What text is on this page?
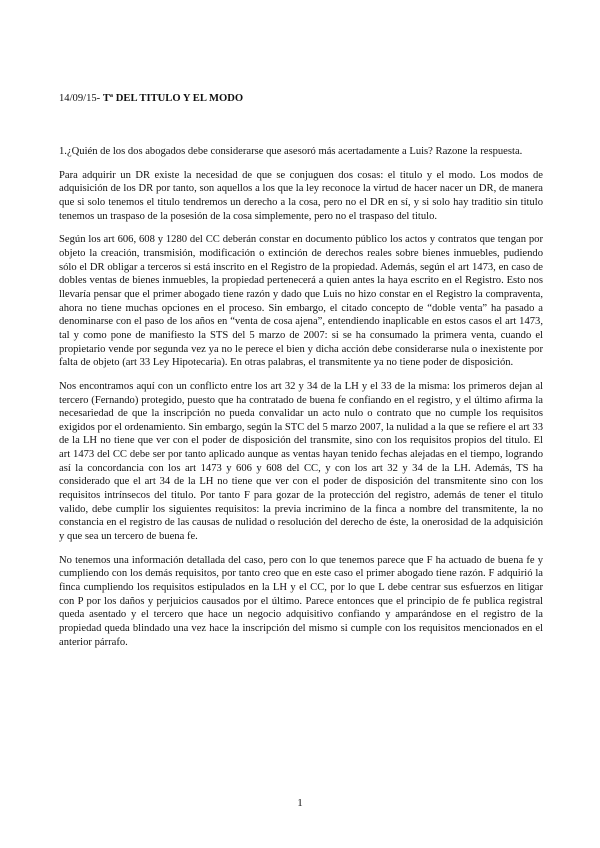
14/09/15- Tª DEL TITULO Y EL MODO

1.¿Quién de los dos abogados debe considerarse que asesoró más acertadamente a Luis? Razone la respuesta.

Para adquirir un DR existe la necesidad de que se conjuguen dos cosas: el titulo y el modo. Los modos de adquisición de los DR por tanto, son aquellos a los que la ley reconoce la virtud de hacer nacer un DR, de manera que si solo tenemos el titulo tendremos un derecho a la cosa, pero no el DR en sí, y si solo hay traditio sin titulo tenemos un traspaso de la posesión de la cosa simplemente, pero no el traspaso del titulo.

Según los art 606, 608 y 1280 del CC deberán constar en documento público los actos y contratos que tengan por objeto la creación, transmisión, modificación o extinción de derechos reales sobre bienes inmuebles, pudiendo sólo el DR obligar a terceros si está inscrito en el Registro de la propiedad. Además, según el art 1473, en caso de dobles ventas de bienes inmuebles, la propiedad pertenecerá a quien antes la haya escrito en el Registro. Esto nos llevaría pensar que el primer abogado tiene razón y dado que Luis no hizo constar en el Registro la compraventa, ahora no tiene muchas opciones en el proceso. Sin embargo, el citado concepto de “doble venta” ha pasado a denominarse con el paso de los años en “venta de cosa ajena”, entendiendo inaplicable en estos casos el art 1473, tal y como pone de manifiesto la STS del 5 marzo de 2007: si se ha consumado la primera venta, cuando el propietario vende por segunda vez ya no le perece el bien y dicha acción debe considerarse nula o inexistente por falta de objeto (art 33 Ley Hipotecaria). En otras palabras, el transmitente ya no tiene poder de disposición.

Nos encontramos aquí con un conflicto entre los art 32 y 34 de la LH y el 33 de la misma: los primeros dejan al tercero (Fernando) protegido, puesto que ha contratado de buena fe confiando en el registro, y el último afirma la necesariedad de que la inscripción no pueda convalidar un acto nulo o contrato que no cumple los requisitos exigidos por el ordenamiento. Sin embargo, según la STC del 5 marzo 2007, la nulidad a la que se refiere el art 33 de la LH no tiene que ver con el poder de disposición del transmite, sino con los requisitos propios del titulo. El art 1473 del CC debe ser por tanto aplicado aunque as ventas hayan tenido fechas alejadas en el tiempo, logrando así la concordancia con los art 1473 y 606 y 608 del CC, y con los art 32 y 34 de la LH. Además, TS ha considerado que el art 34 de la LH no tiene que ver con el poder de disposición del transmitente sino con los requisitos intrínsecos del titulo. Por tanto F para gozar de la protección del registro, además de tener el titulo valido, debe cumplir los siguientes requisitos: la previa incrimino de la finca a nombre del transmitente, la no constancia en el registro de las causas de nulidad o resolución del derecho de éste, la onerosidad de la adquisición y que sea un tercero de buena fe.

No tenemos una información detallada del caso, pero con lo que tenemos parece que F ha actuado de buena fe y cumpliendo con los demás requisitos, por tanto creo que en este caso el primer abogado tiene razón. F adquirió la finca cumpliendo los requisitos estipulados en la LH y el CC, por lo que L debe centrar sus esfuerzos en litigar con P por los daños y perjuicios causados por el último. Parece entonces que el principio de fe publica registral queda asentado y el tercero que hace un negocio adquisitivo confiando y amparándose en el registro de la propiedad queda blindado una vez hace la inscripción del mismo si cumple con los requisitos mencionados en el anterior párrafo.

1
